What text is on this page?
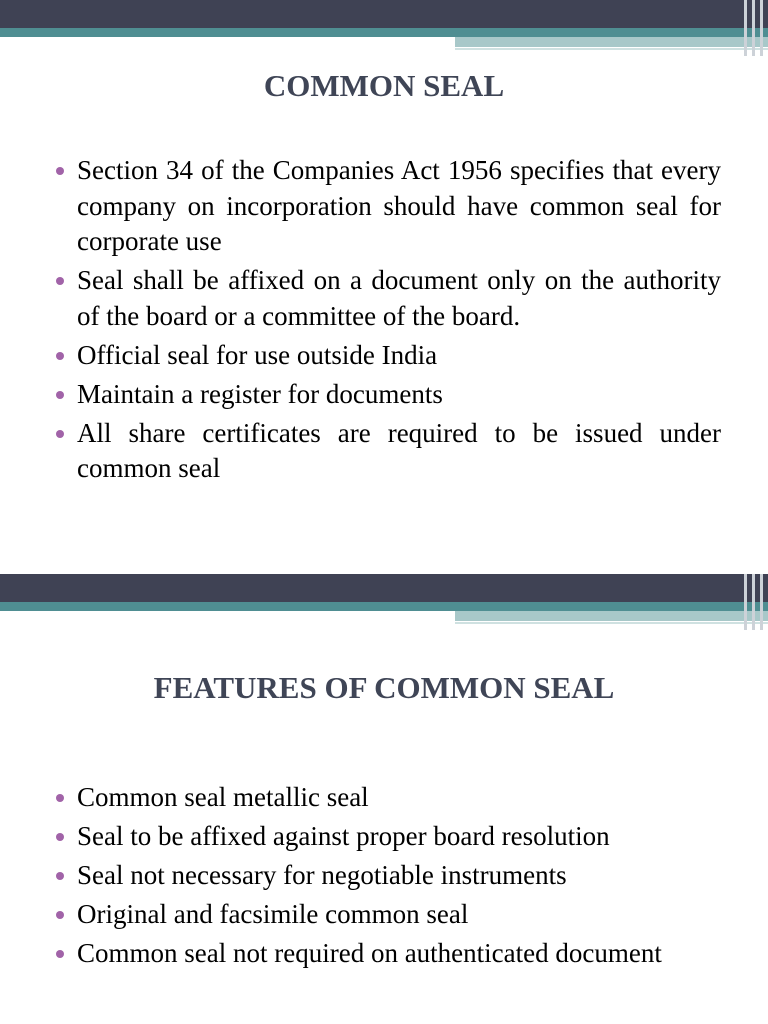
COMMON SEAL
Section 34 of the Companies Act 1956 specifies that every company on incorporation should have common seal for corporate use
Seal shall be affixed on a document only on the authority of the board or a committee of the board.
Official seal for use outside India
Maintain a register for documents
All share certificates are required to be issued under common seal
FEATURES OF COMMON SEAL
Common seal metallic seal
Seal to be affixed against proper board resolution
Seal not necessary for negotiable instruments
Original and facsimile common seal
Common seal not required on authenticated document
